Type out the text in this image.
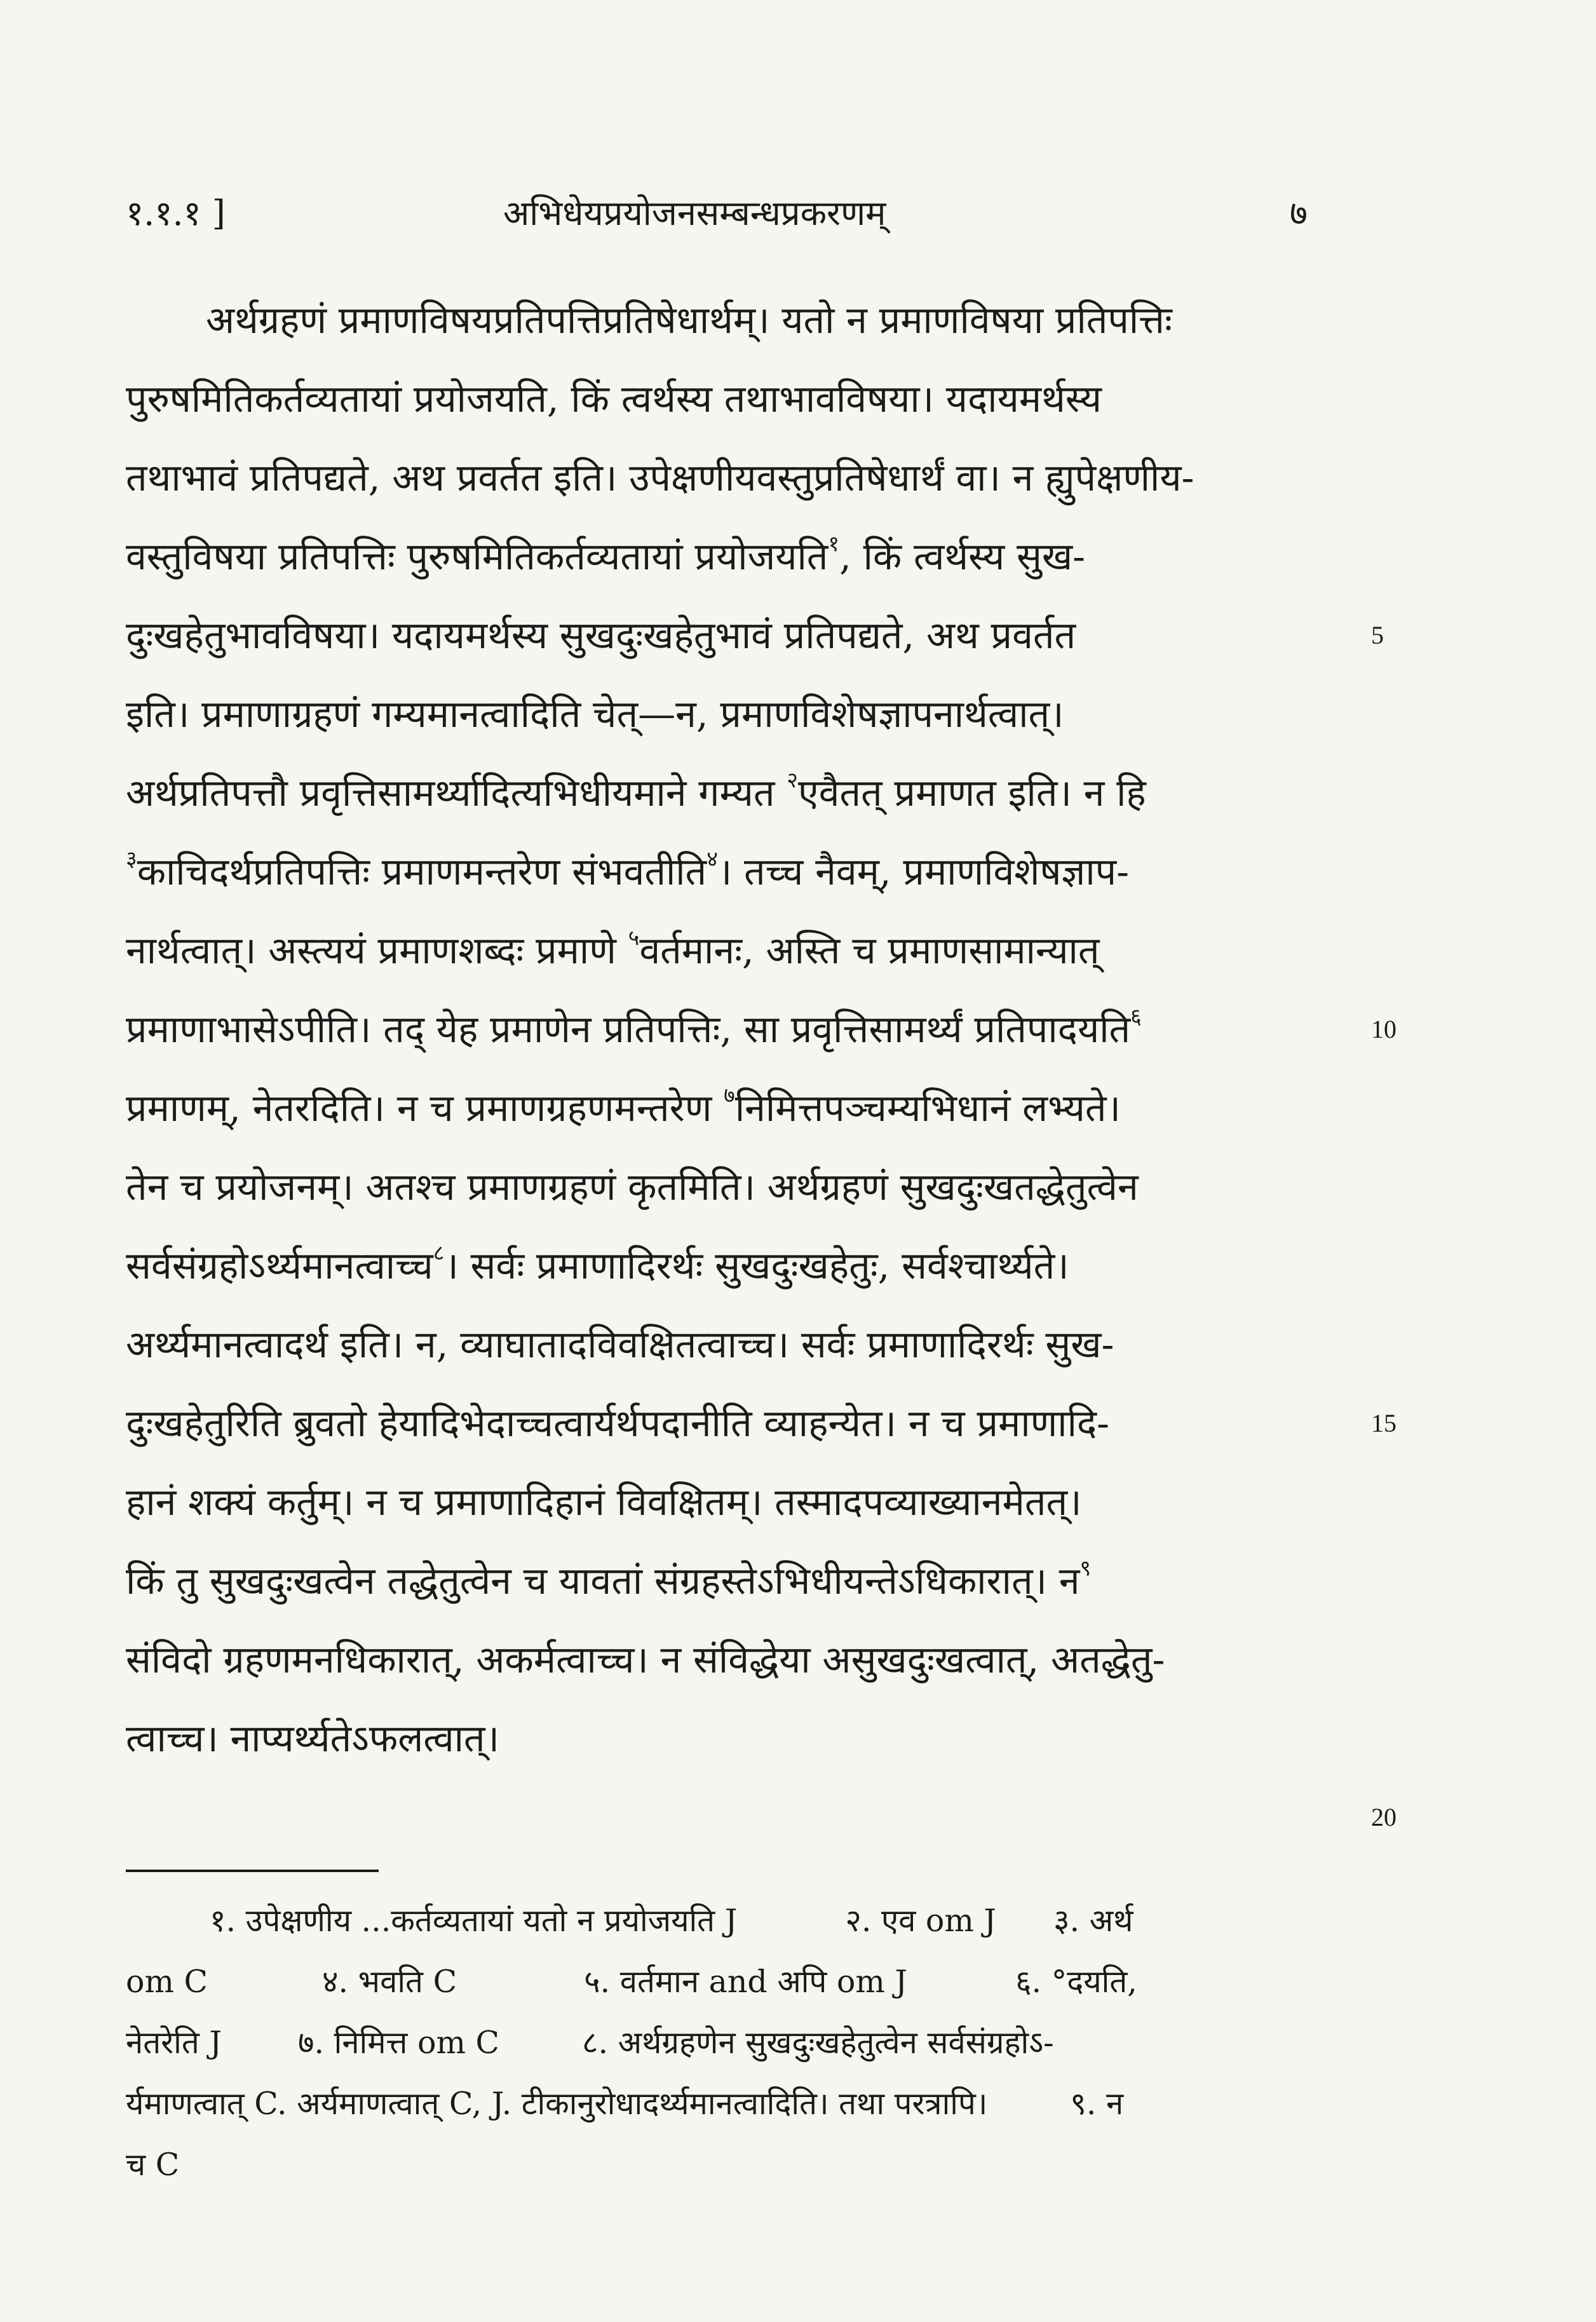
१.१.१ ]	अभिधेयप्रयोजनसम्बन्धप्रकरणम्	७
अर्थग्रहणं प्रमाणविषयप्रतिपत्तिप्रतिषेधार्थम्। यतो न प्रमाणविषया प्रतिपत्तिः
पुरुषमितिकर्तव्यतायां प्रयोजयति, किं त्वर्थस्य तथाभावविषया। यदायमर्थस्य
तथाभावं प्रतिपद्यते, अथ प्रवर्तत इति। उपेक्षणीयवस्तुप्रतिषेधार्थं वा। न ह्युपेक्षणीय-
वस्तुविषया प्रतिपत्तिः पुरुषमितिकर्तव्यतायां प्रयोजयति$^१$, किं त्वर्थस्य सुख-
दुःखहेतुभावविषया। यदायमर्थस्य सुखदुःखहेतुभावं प्रतिपद्यते, अथ प्रवर्तत
इति। प्रमाणाग्रहणं गम्यमानत्वादिति चेत्—न, प्रमाणविशेषज्ञापनार्थत्वात्।
अर्थप्रतिपत्तौ प्रवृत्तिसामर्थ्यादित्यभिधीयमाने गम्यत $^२$एवैतत् प्रमाणत इति। न हि
$^३$काचिदर्थप्रतिपत्तिः प्रमाणमन्तरेण संभवतीति$^४$। तच्च नैवम्, प्रमाणविशेषज्ञाप-
नार्थत्वात्। अस्त्ययं प्रमाणशब्दः प्रमाणे $^५$वर्तमानः, अस्ति च प्रमाणसामान्यात्
प्रमाणाभासेऽपीति। तद् येह प्रमाणेन प्रतिपत्तिः, सा प्रवृत्तिसामर्थ्यं प्रतिपादयति$^६$
प्रमाणम्, नेतरदिति। न च प्रमाणग्रहणमन्तरेण $^७$निमित्तपञ्चम्यभिधानं लभ्यते।
तेन च प्रयोजनम्। अतश्च प्रमाणग्रहणं कृतमिति। अर्थग्रहणं सुखदुःखतद्धेतुत्वेन
सर्वसंग्रहोऽर्थ्यमानत्वाच्च$^८$। सर्वः प्रमाणादिरर्थः सुखदुःखहेतुः, सर्वश्चार्थ्यते।
अर्थ्यमानत्वादर्थ इति। न, व्याघातादविवक्षितत्वाच्च। सर्वः प्रमाणादिरर्थः सुख-
दुःखहेतुरिति ब्रुवतो हेयादिभेदाच्चत्वार्यर्थपदानीति व्याहन्येत। न च प्रमाणादि-
हानं शक्यं कर्तुम्। न च प्रमाणादिहानं विवक्षितम्। तस्मादपव्याख्यानमेतत्।
किं तु सुखदुःखत्वेन तद्धेतुत्वेन च यावतां संग्रहस्तेऽभिधीयन्तेऽधिकारात्। न$^९$
संविदो ग्रहणमनधिकारात्, अकर्मत्वाच्च। न संविद्धेया असुखदुःखत्वात्, अतद्धेतु-
त्वाच्च। नाप्यर्थ्यतेऽफलत्वात्।
5
10
15
20
१. उपेक्षणीय ...कर्तव्यतायां यतो न प्रयोजयति J	२. एव om J ३. अर्थ
om C	४. भवति C	५. वर्तमान and अपि om J	६. °दयति,
नेतरेति J ७. निमित्त om C	८. अर्थग्रहणेन सुखदुःखहेतुत्वेन सर्वसंग्रहोऽ-
र्यमाणत्वात् C. अर्यमाणत्वात् C, J. टीकानुरोधादर्थ्यमानत्वादिति। तथा परत्रापि।	९. न
च C
